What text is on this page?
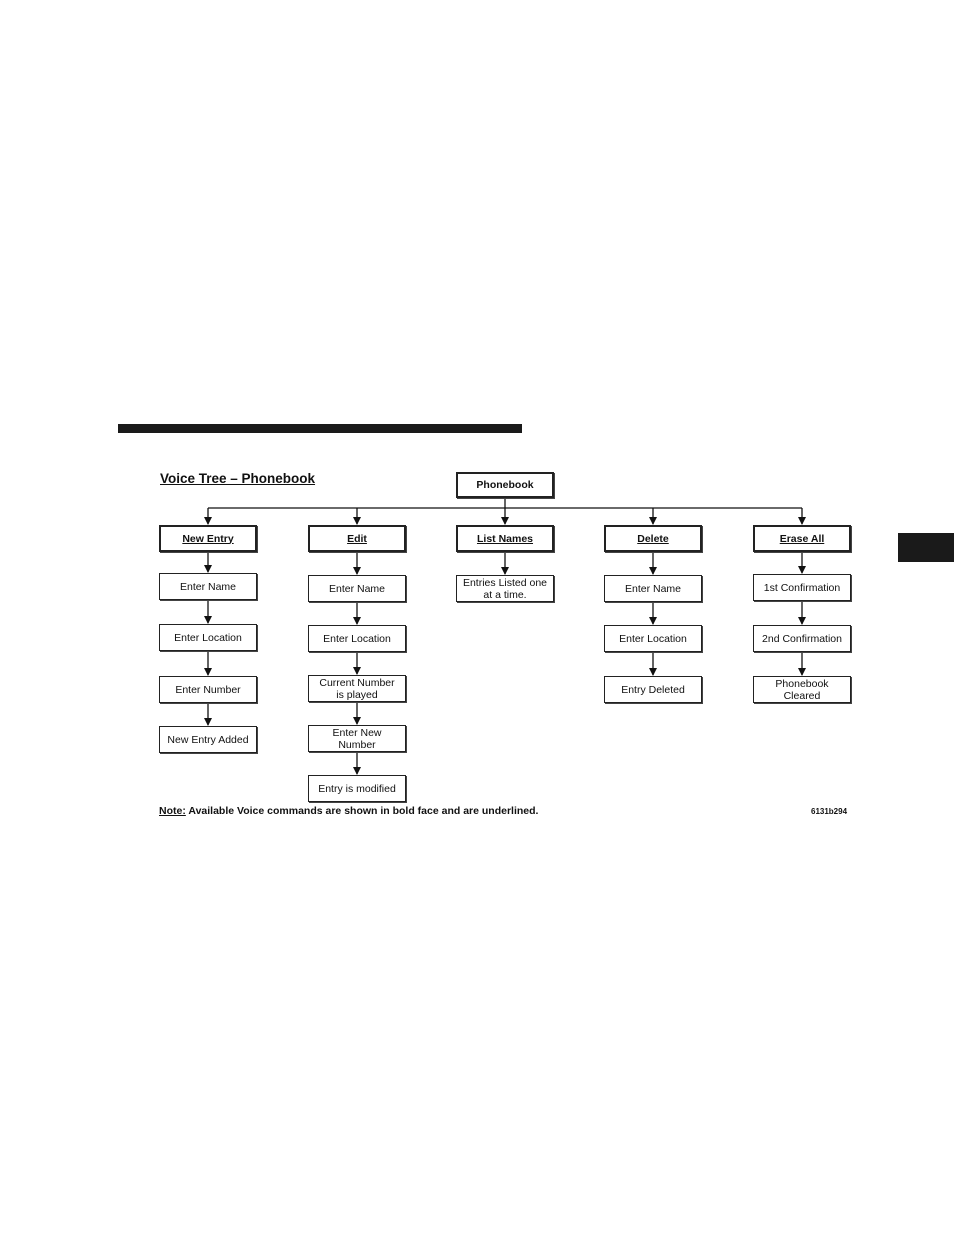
Voice Tree – Phonebook	Phonebook
New Entry
Enter Name
Enter Location
Enter Number
New Entry Added
Edit
Enter Name
Enter Location
Current Number
is played
Enter New
Number
Entry is modified
List Names
Entries Listed one
at a time.
Delete
Enter Name
Enter Location
Entry Deleted
Erase All
1st Confirmation
2nd Confirmation
Phonebook
Cleared
Note: Available Voice commands are shown in bold face and are underlined.	6131b294
